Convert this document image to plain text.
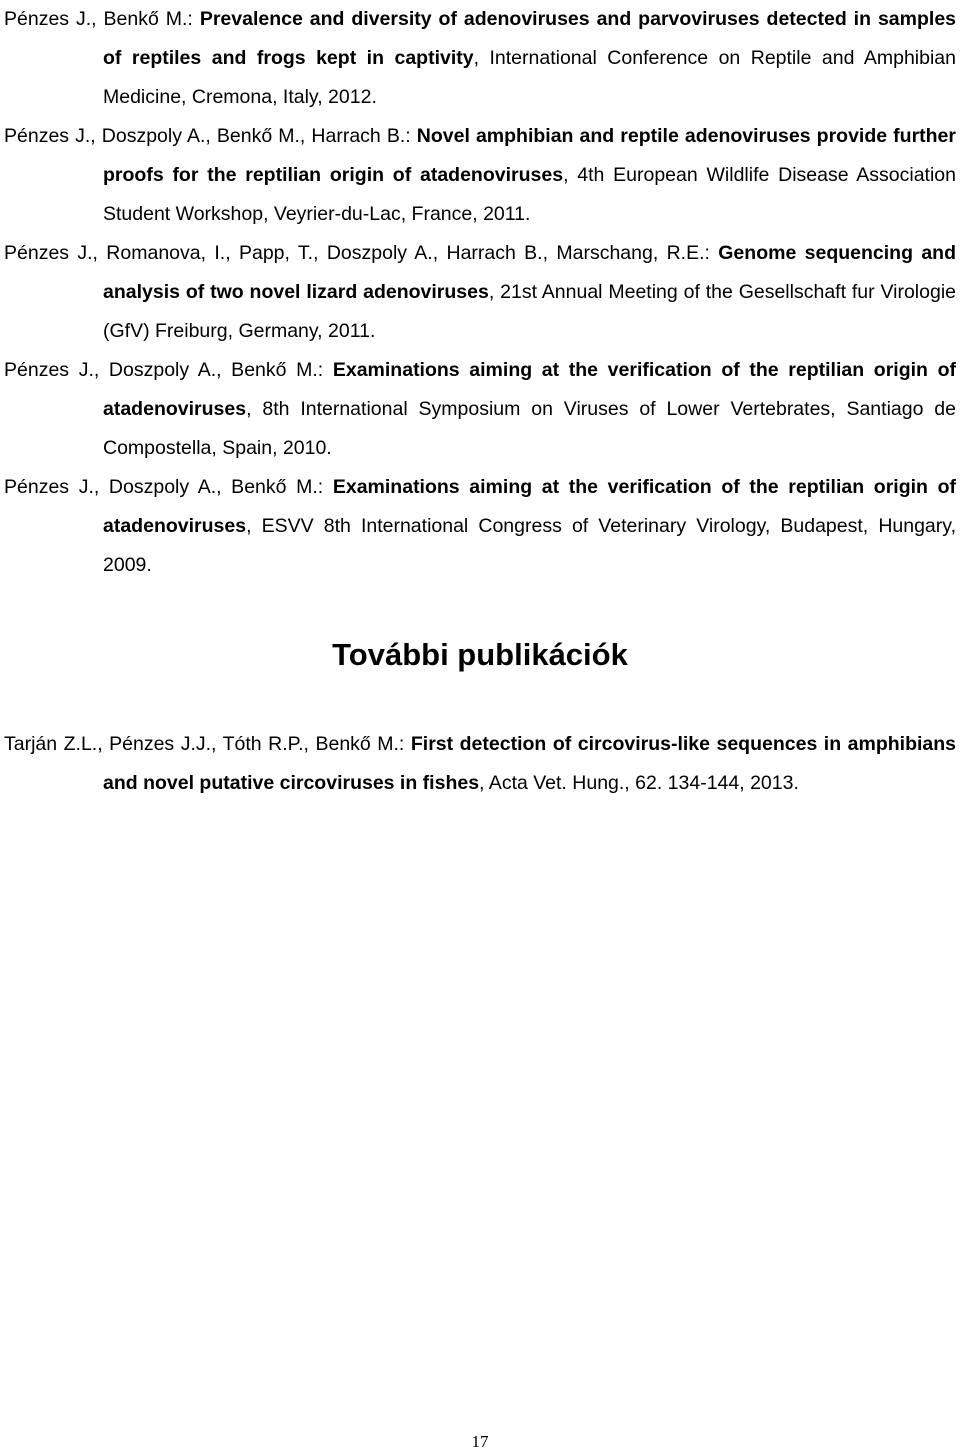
Pénzes J., Benkő M.: Prevalence and diversity of adenoviruses and parvoviruses detected in samples of reptiles and frogs kept in captivity, International Conference on Reptile and Amphibian Medicine, Cremona, Italy, 2012.

Pénzes J., Doszpoly A., Benkő M., Harrach B.: Novel amphibian and reptile adenoviruses provide further proofs for the reptilian origin of atadenoviruses, 4th European Wildlife Disease Association Student Workshop, Veyrier-du-Lac, France, 2011.

Pénzes J., Romanova, I., Papp, T., Doszpoly A., Harrach B., Marschang, R.E.: Genome sequencing and analysis of two novel lizard adenoviruses, 21st Annual Meeting of the Gesellschaft fur Virologie (GfV) Freiburg, Germany, 2011.

Pénzes J., Doszpoly A., Benkő M.: Examinations aiming at the verification of the reptilian origin of atadenoviruses, 8th International Symposium on Viruses of Lower Vertebrates, Santiago de Compostella, Spain, 2010.

Pénzes J., Doszpoly A., Benkő M.: Examinations aiming at the verification of the reptilian origin of atadenoviruses, ESVV 8th International Congress of Veterinary Virology, Budapest, Hungary, 2009.

További publikációk

Tarján Z.L., Pénzes J.J., Tóth R.P., Benkő M.: First detection of circovirus-like sequences in amphibians and novel putative circoviruses in fishes, Acta Vet. Hung., 62. 134-144, 2013.

17
